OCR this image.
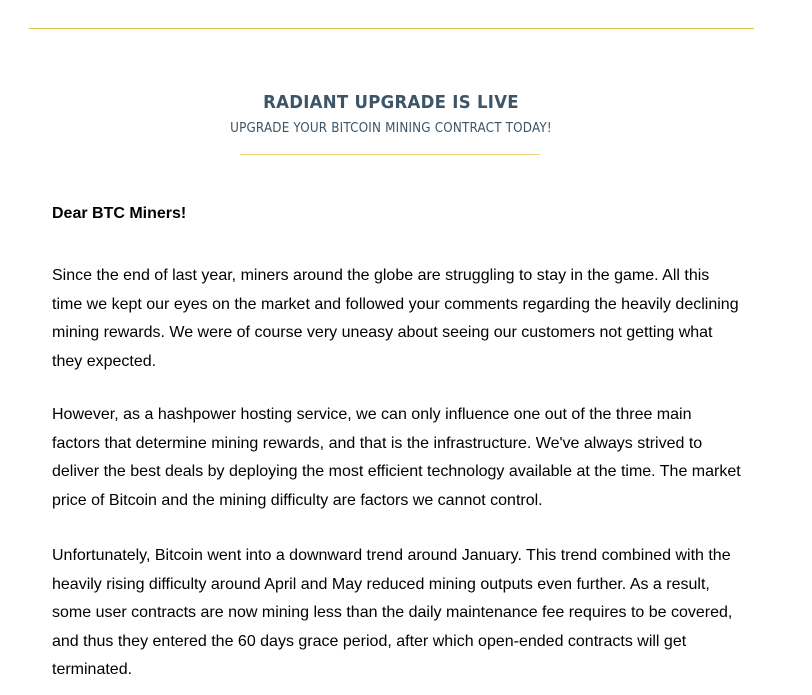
RADIANT UPGRADE IS LIVE
UPGRADE YOUR BITCOIN MINING CONTRACT TODAY!
Dear BTC Miners!
Since the end of last year, miners around the globe are struggling to stay in the game. All this time we kept our eyes on the market and followed your comments regarding the heavily declining mining rewards. We were of course very uneasy about seeing our customers not getting what they expected.
However, as a hashpower hosting service, we can only influence one out of the three main factors that determine mining rewards, and that is the infrastructure. We've always strived to deliver the best deals by deploying the most efficient technology available at the time. The market price of Bitcoin and the mining difficulty are factors we cannot control.
Unfortunately, Bitcoin went into a downward trend around January. This trend combined with the heavily rising difficulty around April and May reduced mining outputs even further. As a result, some user contracts are now mining less than the daily maintenance fee requires to be covered, and thus they entered the 60 days grace period, after which open-ended contracts will get terminated.
